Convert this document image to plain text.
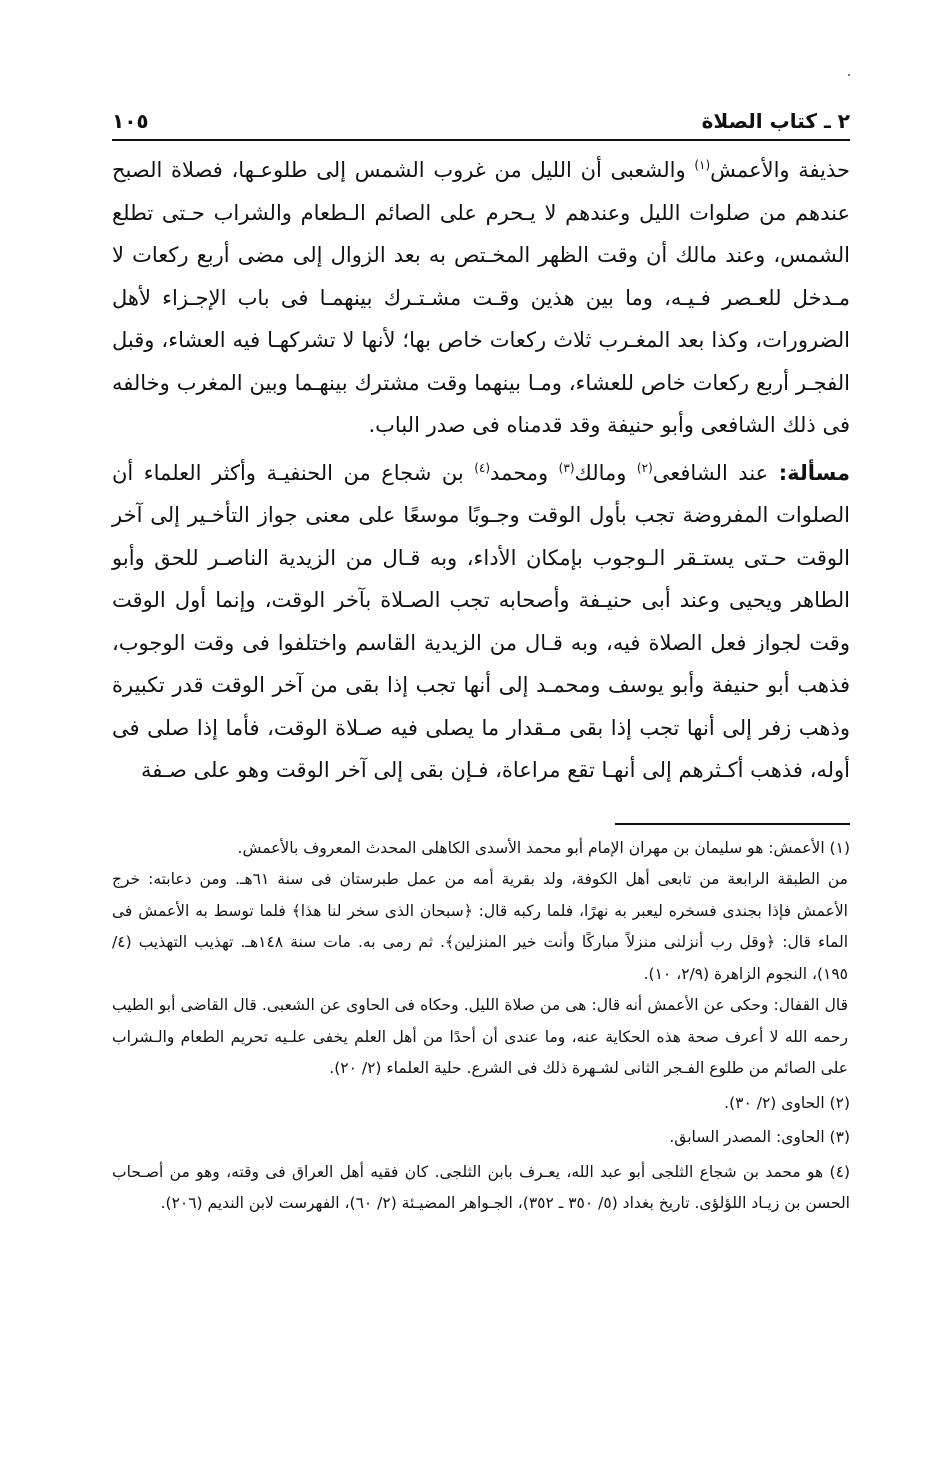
٢ ـ كتاب الصلاة
١٠٥

حذيفة والأعمش$^{(١)}$ والشعبى أن الليل من غروب الشمس إلى طلوعـها، فصلاة الصبح عندهم من صلوات الليل وعندهم لا يـحرم على الصائم الـطعام والشراب حـتى تطلع الشمس، وعند مالك أن وقت الظهر المخـتص به بعد الزوال إلى مضى أربع ركعات لا مـدخل للعـصر فـيـه، وما بين هذين وقـت مشـتـرك بينهمـا فى باب الإجـزاء لأهل الضرورات، وكذا بعد المغـرب ثلاث ركعات خاص بها؛ لأنها لا تشركهـا فيه العشاء، وقبل الفجـر أربع ركعات خاص للعشاء، ومـا بينهما وقت مشترك بينهـما وبين المغرب وخالفه فى ذلك الشافعى وأبو حنيفة وقد قدمناه فى صدر الباب.

مسألة: عند الشافعى$^{(٢)}$ ومالك$^{(٣)}$ ومحمد$^{(٤)}$ بن شجاع من الحنفيـة وأكثر العلماء أن الصلوات المفروضة تجب بأول الوقت وجـوبًا موسعًا على معنى جواز التأخـير إلى آخر الوقت حـتى يستـقر الـوجوب بإمكان الأداء، وبه قـال من الزيدية الناصـر للحق وأبو الطاهر ويحيى وعند أبى حنيـفة وأصحابه تجب الصـلاة بآخر الوقت، وإنما أول الوقت وقت لجواز فعل الصلاة فيه، وبه قـال من الزيدية القاسم واختلفوا فى وقت الوجوب، فذهب أبو حنيفة وأبو يوسف ومحمـد إلى أنها تجب إذا بقى من آخر الوقت قدر تكبيرة وذهب زفر إلى أنها تجب إذا بقى مـقدار ما يصلى فيه صـلاة الوقت، فأما إذا صلى فى أوله، فذهب أكـثرهم إلى أنهـا تقع مراعاة، فـإن بقى إلى آخر الوقت وهو على صـفة

(١) الأعمش: هو سليمان بن مهران الإمام أبو محمد الأسدى الكاهلى المحدث المعروف بالأعمش.

من الطبقة الرابعة من تابعى أهل الكوفة، ولد بقرية أمه من عمل طبرستان فى سنة ٦١هـ. ومن دعابته: خرج الأعمش فإذا بجندى فسخره ليعبر به نهرًا، فلما ركبه قال: ﴿سبحان الذى سخر لنا هذا﴾ فلما توسط به الأعمش فى الماء قال: ﴿وقل رب أنزلنى منزلاً مباركًا وأنت خير المنزلين﴾. ثم رمى به. مات سنة ١٤٨هـ. تهذيب التهذيب (٤/ ١٩٥)، النجوم الزاهرة (٢/٩، ١٠).

قال القفال: وحكى عن الأعمش أنه قال: هى من صلاة الليل. وحكاه فى الحاوى عن الشعبى. قال القاضى أبو الطيب رحمه الله لا أعرف صحة هذه الحكاية عنه، وما عندى أن أحدًا من أهل العلم يخفى علـيه تحريم الطعام والـشراب على الصائم من طلوع الفـجر الثانى لشـهرة ذلك فى الشرع. حلية العلماء (٢/ ٢٠).

(٢) الحاوى (٢/ ٣٠).

(٣) الحاوى: المصدر السابق.

(٤) هو محمد بن شجاع الثلجى أبو عبد الله، يعـرف بابن الثلجى. كان فقيه أهل العراق فى وقته، وهو من أصـحاب الحسن بن زيـاد اللؤلؤى. تاريخ بغداد (٥/ ٣٥٠ ـ ٣٥٢)، الجـواهر المضيـئة (٢/ ٦٠)، الفهرست لابن النديم (٢٠٦).
